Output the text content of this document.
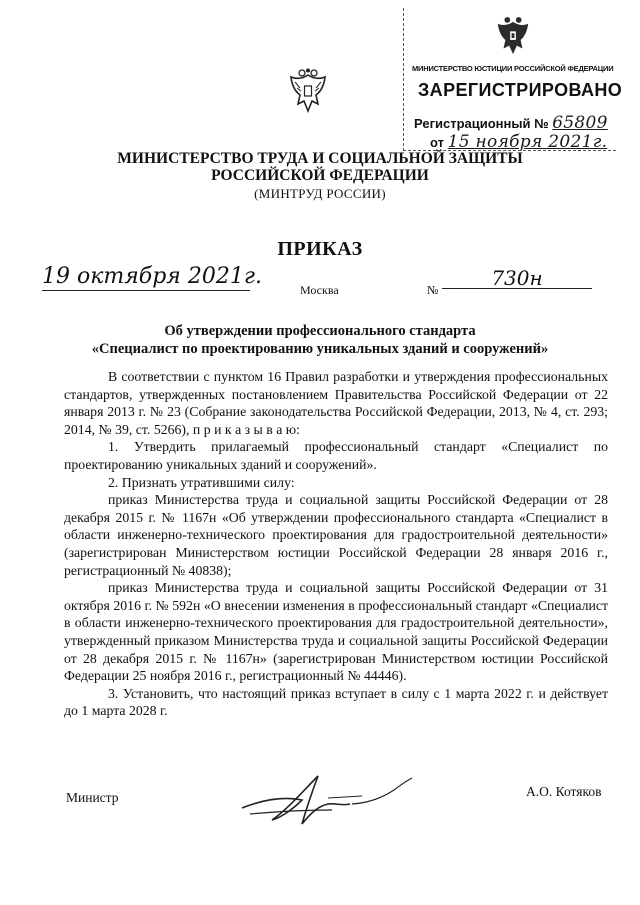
МИНИСТЕРСТВО ЮСТИЦИИ РОССИЙСКОЙ ФЕДЕРАЦИИ
ЗАРЕГИСТРИРОВАНО
Регистрационный № 65809
от 15 ноября 2021г.
МИНИСТЕРСТВО ТРУДА И СОЦИАЛЬНОЙ ЗАЩИТЫ
РОССИЙСКОЙ ФЕДЕРАЦИИ
(МИНТРУД РОССИИ)
ПРИКАЗ
19 октября 2021г.
Москва	№	730н
Об утверждении профессионального стандарта
«Специалист по проектированию уникальных зданий и сооружений»

В соответствии с пунктом 16 Правил разработки и утверждения профессиональных стандартов, утвержденных постановлением Правительства Российской Федерации от 22 января 2013 г. № 23 (Собрание законодательства Российской Федерации, 2013, № 4, ст. 293; 2014, № 39, ст. 5266), п р и к а з ы в а ю:

1. Утвердить прилагаемый профессиональный стандарт «Специалист по проектированию уникальных зданий и сооружений».

2. Признать утратившими силу:

приказ Министерства труда и социальной защиты Российской Федерации от 28 декабря 2015 г. № 1167н «Об утверждении профессионального стандарта «Специалист в области инженерно-технического проектирования для градостроительной деятельности» (зарегистрирован Министерством юстиции Российской Федерации 28 января 2016 г., регистрационный № 40838);

приказ Министерства труда и социальной защиты Российской Федерации от 31 октября 2016 г. № 592н «О внесении изменения в профессиональный стандарт «Специалист в области инженерно-технического проектирования для градостроительной деятельности», утвержденный приказом Министерства труда и социальной защиты Российской Федерации от 28 декабря 2015 г. № 1167н» (зарегистрирован Министерством юстиции Российской Федерации 25 ноября 2016 г., регистрационный № 44446).

3. Установить, что настоящий приказ вступает в силу с 1 марта 2022 г. и действует до 1 марта 2028 г.

Министр	А.О. Котяков
